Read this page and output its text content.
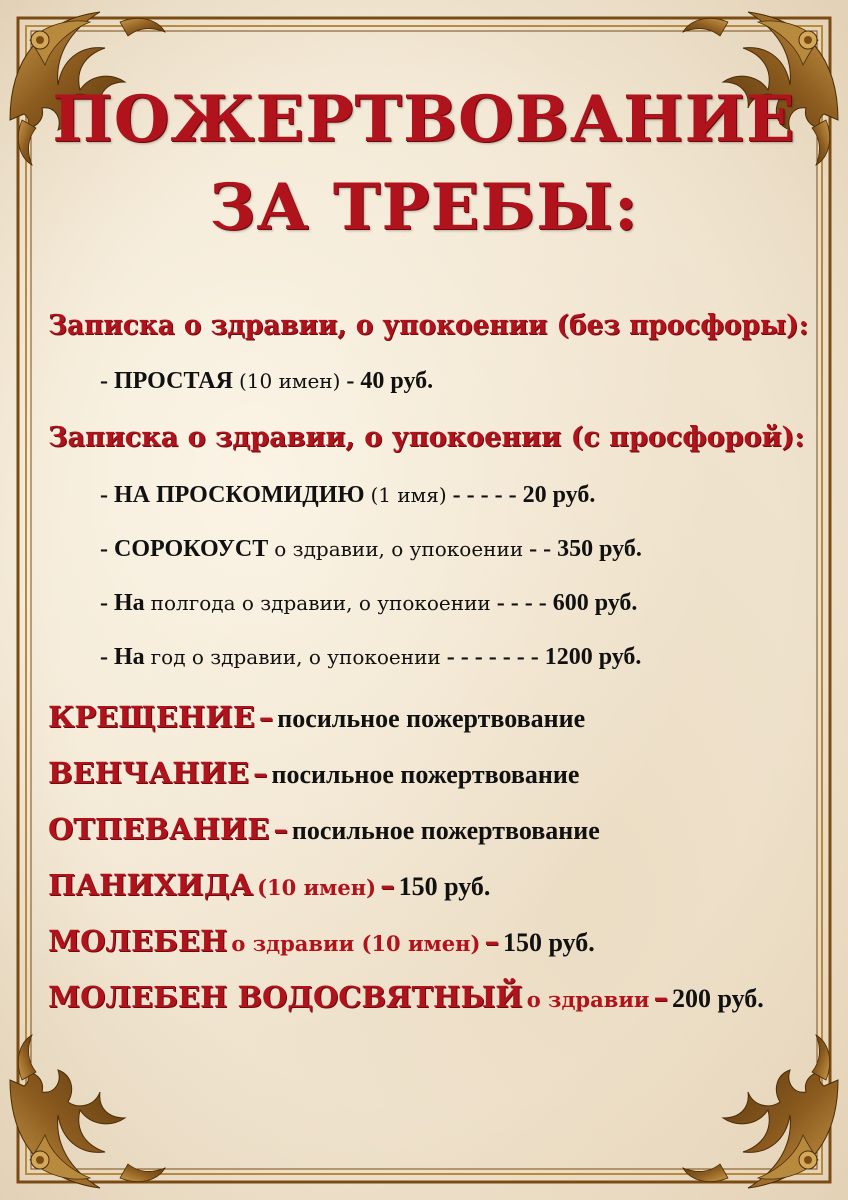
ПОЖЕРТВОВАНИЕ
ЗА ТРЕБЫ:
Записка о здравии, о упокоении (без просфоры):
- ПРОСТАЯ (10 имен) - 40 руб.
Записка о здравии, о упокоении (с просфорой):
- НА ПРОСКОМИДИЮ (1 имя) - - - - - 20 руб.
- СОРОКОУСТ о здравии, о упокоении - - 350 руб.
- На полгода о здравии, о упокоении - - - - 600 руб.
- На год о здравии, о упокоении - - - - - - - 1200 руб.
КРЕЩЕНИЕ – посильное пожертвование
ВЕНЧАНИЕ – посильное пожертвование
ОТПЕВАНИЕ – посильное пожертвование
ПАНИХИДА (10 имен) – 150 руб.
МОЛЕБЕН о здравии (10 имен) – 150 руб.
МОЛЕБЕН ВОДОСВЯТНЫЙ о здравии – 200 руб.
